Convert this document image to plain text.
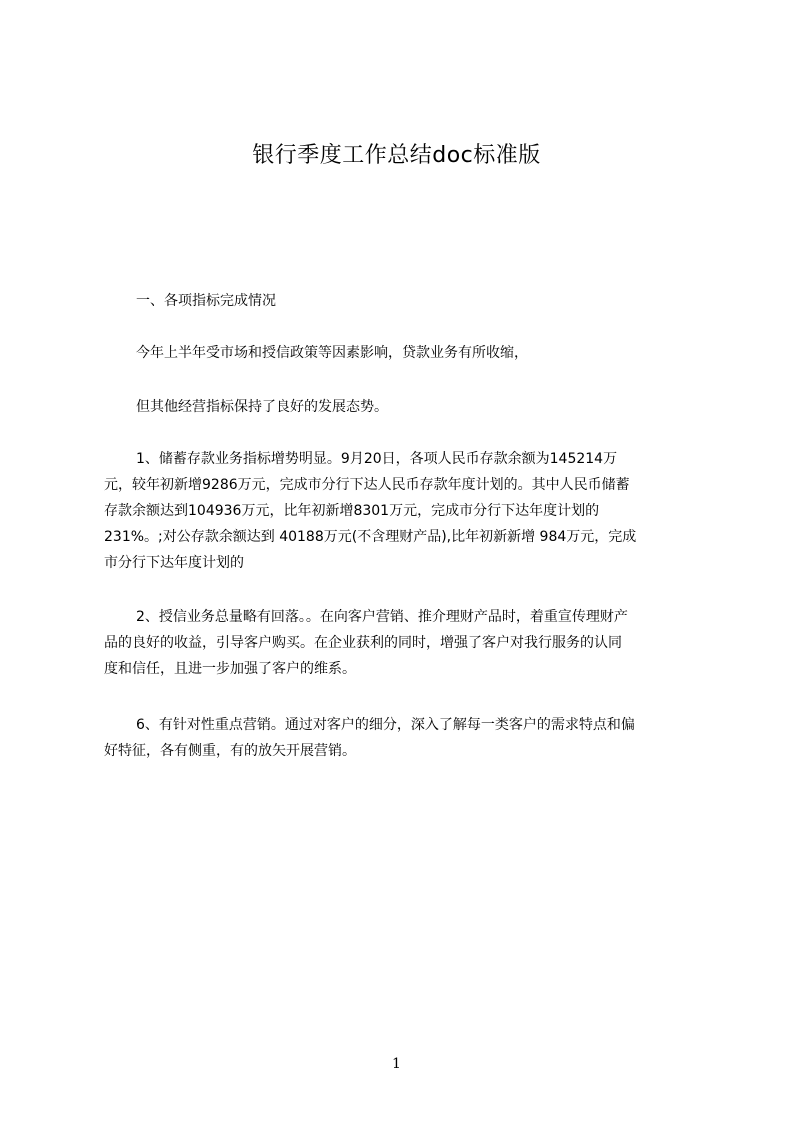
银行季度工作总结doc标准版
一、各项指标完成情况
今年上半年受市场和授信政策等因素影响，贷款业务有所收缩，
但其他经营指标保持了良好的发展态势。
1、储蓄存款业务指标增势明显。9月20日，各项人民币存款余额为145214万
元，较年初新增9286万元，完成市分行下达人民币存款年度计划的。其中人民币储蓄
存款余额达到104936万元，比年初新增8301万元，完成市分行下达年度计划的
231%。;对公存款余额达到 40188万元(不含理财产品),比年初新新增 984万元，完成
市分行下达年度计划的
2、授信业务总量略有回落。。在向客户营销、推介理财产品时，着重宣传理财产
品的良好的收益，引导客户购买。在企业获利的同时，增强了客户对我行服务的认同
度和信任，且进一步加强了客户的维系。
6、有针对性重点营销。通过对客户的细分，深入了解每一类客户的需求特点和偏
好特征，各有侧重，有的放矢开展营销。
1
